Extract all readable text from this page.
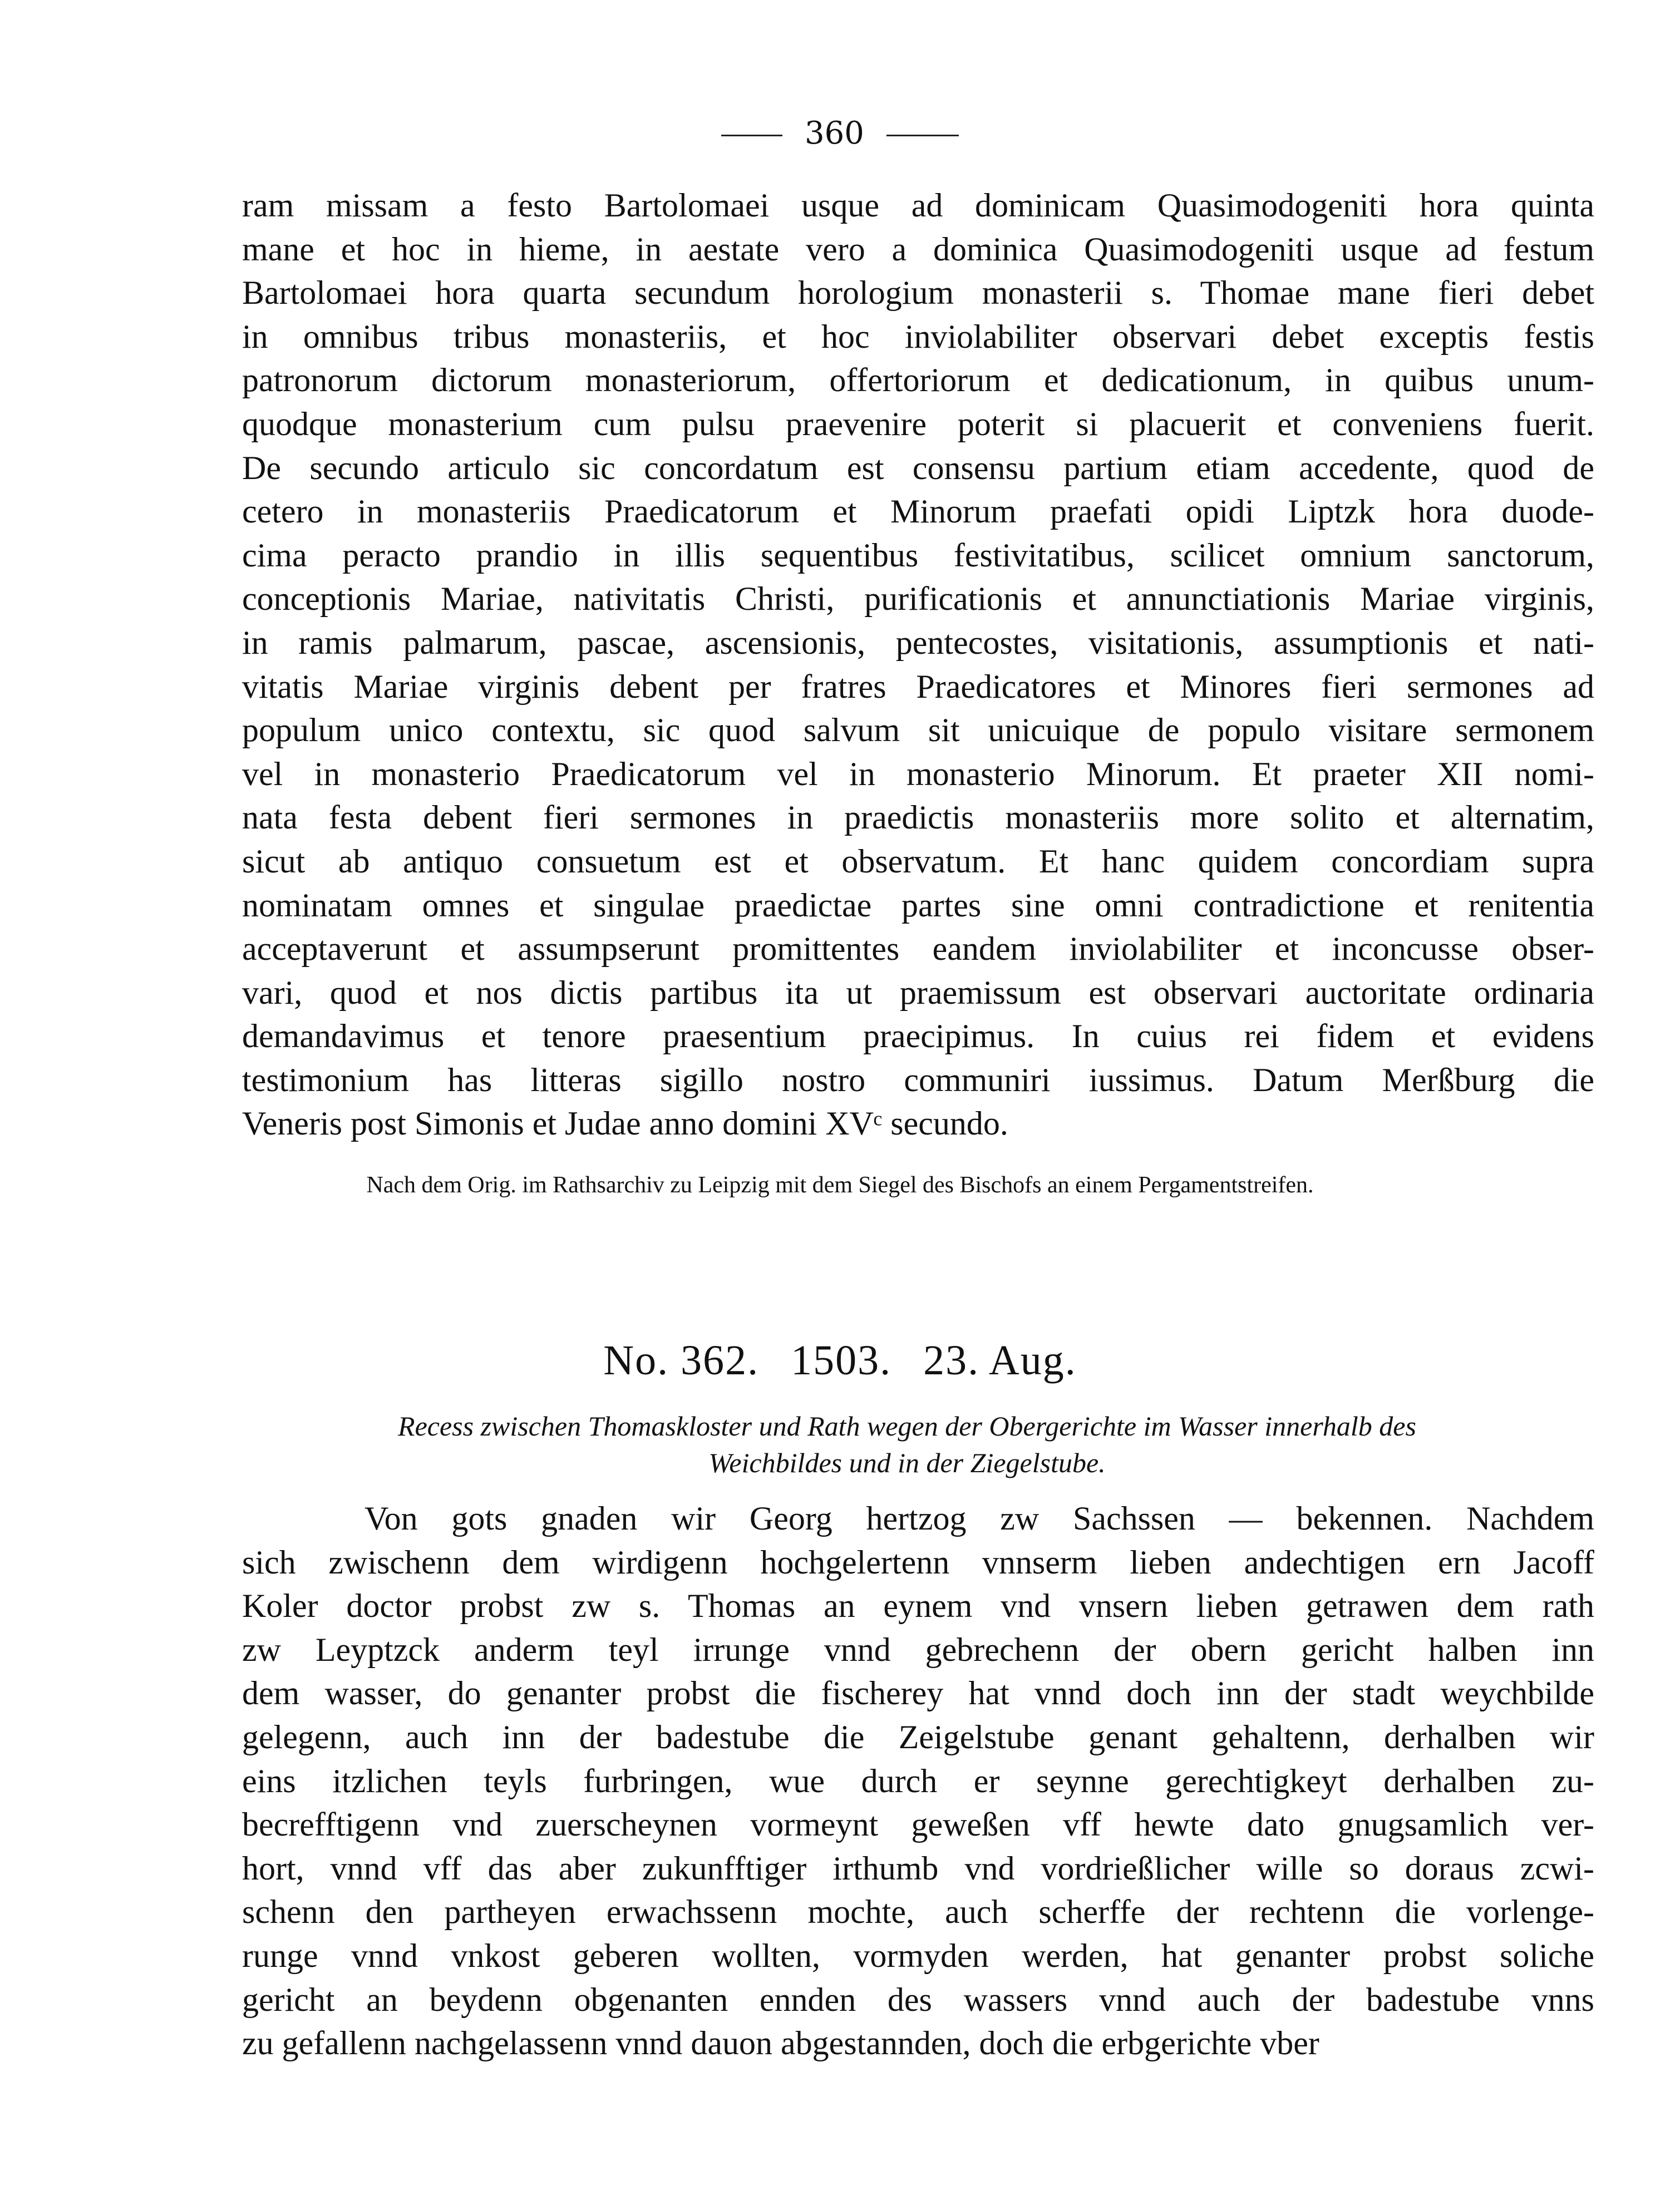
360
ram missam a festo Bartolomaei usque ad dominicam Quasimodogeniti hora quinta
mane et hoc in hieme, in aestate vero a dominica Quasimodogeniti usque ad festum
Bartolomaei hora quarta secundum horologium monasterii s. Thomae mane fieri debet
in omnibus tribus monasteriis, et hoc inviolabiliter observari debet exceptis festis
patronorum dictorum monasteriorum, offertoriorum et dedicationum, in quibus unum-
quodque monasterium cum pulsu praevenire poterit si placuerit et conveniens fuerit.
De secundo articulo sic concordatum est consensu partium etiam accedente, quod de
cetero in monasteriis Praedicatorum et Minorum praefati opidi Liptzk hora duode-
cima peracto prandio in illis sequentibus festivitatibus, scilicet omnium sanctorum,
conceptionis Mariae, nativitatis Christi, purificationis et annunctiationis Mariae virginis,
in ramis palmarum, pascae, ascensionis, pentecostes, visitationis, assumptionis et nati-
vitatis Mariae virginis debent per fratres Praedicatores et Minores fieri sermones ad
populum unico contextu, sic quod salvum sit unicuique de populo visitare sermonem
vel in monasterio Praedicatorum vel in monasterio Minorum. Et praeter XII nomi-
nata festa debent fieri sermones in praedictis monasteriis more solito et alternatim,
sicut ab antiquo consuetum est et observatum. Et hanc quidem concordiam supra
nominatam omnes et singulae praedictae partes sine omni contradictione et renitentia
acceptaverunt et assumpserunt promittentes eandem inviolabiliter et inconcusse obser-
vari, quod et nos dictis partibus ita ut praemissum est observari auctoritate ordinaria
demandavimus et tenore praesentium praecipimus. In cuius rei fidem et evidens
testimonium has litteras sigillo nostro communiri iussimus. Datum Merßburg die
Veneris post Simonis et Judae anno domini XVᶜ secundo.
Nach dem Orig. im Rathsarchiv zu Leipzig mit dem Siegel des Bischofs an einem Pergamentstreifen.
No. 362. 1503. 23. Aug.
Recess zwischen Thomaskloster und Rath wegen der Obergerichte im Wasser innerhalb des
Weichbildes und in der Ziegelstube.
Von gots gnaden wir Georg hertzog zw Sachssen — bekennen. Nachdem
sich zwischenn dem wirdigenn hochgelertenn vnnserm lieben andechtigen ern Jacoff
Koler doctor probst zw s. Thomas an eynem vnd vnsern lieben getrawen dem rath
zw Leyptzck anderm teyl irrunge vnnd gebrechenn der obern gericht halben inn
dem wasser, do genanter probst die fischerey hat vnnd doch inn der stadt weychbilde
gelegenn, auch inn der badestube die Zeigelstube genant gehaltenn, derhalben wir
eins itzlichen teyls furbringen, wue durch er seynne gerechtigkeyt derhalben zu-
becrefftigenn vnd zuerscheynen vormeynt geweßen vff hewte dato gnugsamlich ver-
hort, vnnd vff das aber zukunfftiger irthumb vnd vordrießlicher wille so doraus zcwi-
schenn den partheyen erwachssenn mochte, auch scherffe der rechtenn die vorlenge-
runge vnnd vnkost geberen wollten, vormyden werden, hat genanter probst soliche
gericht an beydenn obgenanten ennden des wassers vnnd auch der badestube vnns
zu gefallenn nachgelassenn vnnd dauon abgestannden, doch die erbgerichte vber
